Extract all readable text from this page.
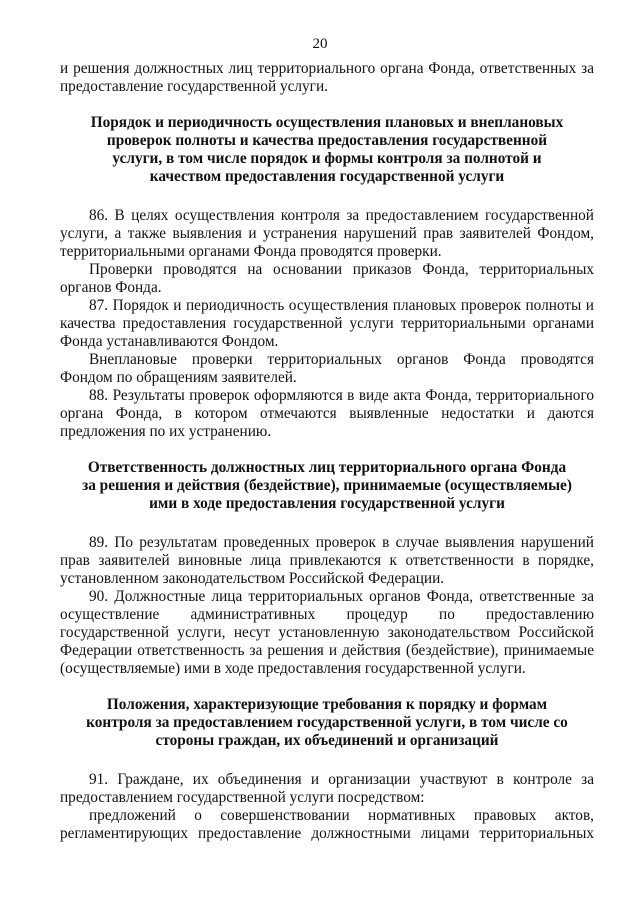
20

и решения должностных лиц территориального органа Фонда, ответственных за предоставление государственной услуги.

Порядок и периодичность осуществления плановых и внеплановых проверок полноты и качества предоставления государственной услуги, в том числе порядок и формы контроля за полнотой и качеством предоставления государственной услуги

86. В целях осуществления контроля за предоставлением государственной услуги, а также выявления и устранения нарушений прав заявителей Фондом, территориальными органами Фонда проводятся проверки.

Проверки проводятся на основании приказов Фонда, территориальных органов Фонда.

87. Порядок и периодичность осуществления плановых проверок полноты и качества предоставления государственной услуги территориальными органами Фонда устанавливаются Фондом.

Внеплановые проверки территориальных органов Фонда проводятся Фондом по обращениям заявителей.

88. Результаты проверок оформляются в виде акта Фонда, территориального органа Фонда, в котором отмечаются выявленные недостатки и даются предложения по их устранению.

Ответственность должностных лиц территориального органа Фонда за решения и действия (бездействие), принимаемые (осуществляемые) ими в ходе предоставления государственной услуги

89. По результатам проведенных проверок в случае выявления нарушений прав заявителей виновные лица привлекаются к ответственности в порядке, установленном законодательством Российской Федерации.

90. Должностные лица территориальных органов Фонда, ответственные за осуществление административных процедур по предоставлению государственной услуги, несут установленную законодательством Российской Федерации ответственность за решения и действия (бездействие), принимаемые (осуществляемые) ими в ходе предоставления государственной услуги.

Положения, характеризующие требования к порядку и формам контроля за предоставлением государственной услуги, в том числе со стороны граждан, их объединений и организаций

91. Граждане, их объединения и организации участвуют в контроле за предоставлением государственной услуги посредством:

предложений о совершенствовании нормативных правовых актов, регламентирующих предоставление должностными лицами территориальных
